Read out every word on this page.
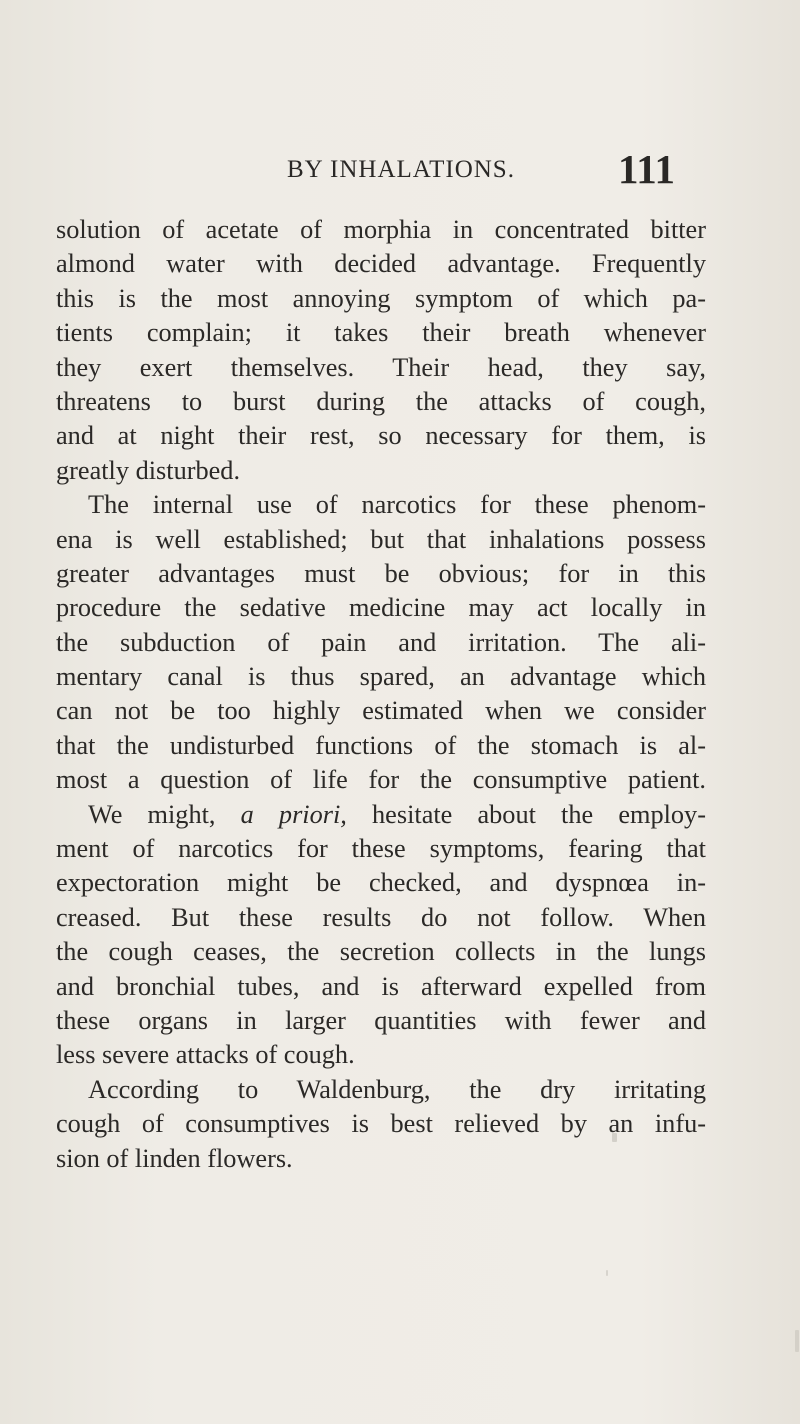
BY INHALATIONS.	111
solution of acetate of morphia in concentrated bitter
almond water with decided advantage. Frequently
this is the most annoying symptom of which pa-
tients complain; it takes their breath whenever
they exert themselves. Their head, they say,
threatens to burst during the attacks of cough,
and at night their rest, so necessary for them, is
greatly disturbed.
The internal use of narcotics for these phenom-
ena is well established; but that inhalations possess
greater advantages must be obvious; for in this
procedure the sedative medicine may act locally in
the subduction of pain and irritation. The ali-
mentary canal is thus spared, an advantage which
can not be too highly estimated when we consider
that the undisturbed functions of the stomach is al-
most a question of life for the consumptive patient.
We might, a priori, hesitate about the employ-
ment of narcotics for these symptoms, fearing that
expectoration might be checked, and dyspnœa in-
creased. But these results do not follow. When
the cough ceases, the secretion collects in the lungs
and bronchial tubes, and is afterward expelled from
these organs in larger quantities with fewer and
less severe attacks of cough.
According to Waldenburg, the dry irritating
cough of consumptives is best relieved by an infu-
sion of linden flowers.
